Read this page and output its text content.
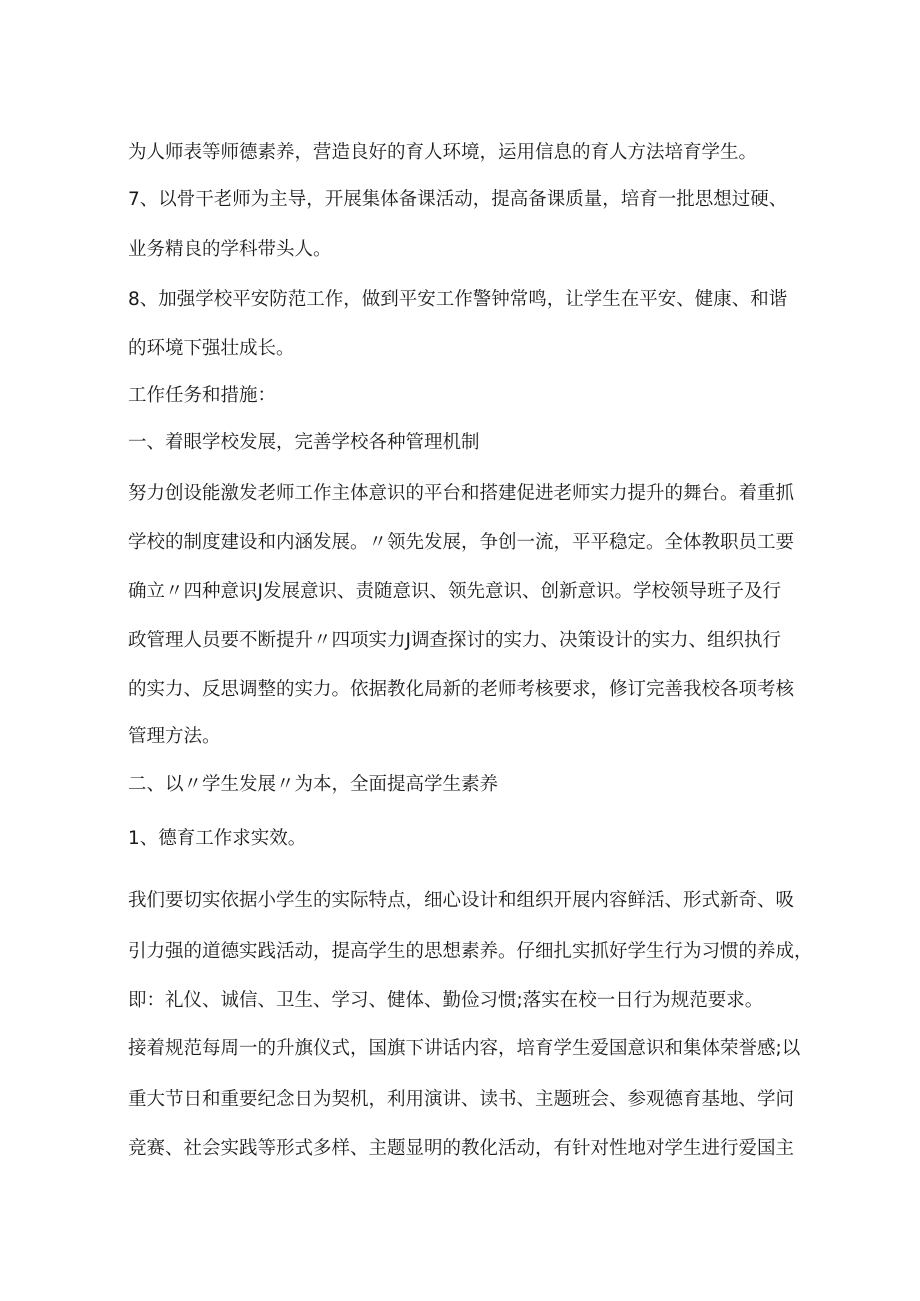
为人师表等师德素养，营造良好的育人环境，运用信息的育人方法培育学生。
7、以骨干老师为主导，开展集体备课活动，提高备课质量，培育一批思想过硬、
业务精良的学科带头人。
8、加强学校平安防范工作，做到平安工作警钟常鸣，让学生在平安、健康、和谐
的环境下强壮成长。
工作任务和措施：
一、着眼学校发展，完善学校各种管理机制
努力创设能激发老师工作主体意识的平台和搭建促进老师实力提升的舞台。着重抓
学校的制度建设和内涵发展。〃领先发展，争创一流，平平稳定。全体教职员工要
确立〃四种意识J发展意识、责随意识、领先意识、创新意识。学校领导班子及行
政管理人员要不断提升〃四项实力J调查探讨的实力、决策设计的实力、组织执行
的实力、反思调整的实力。依据教化局新的老师考核要求，修订完善我校各项考核
管理方法。
二、以〃学生发展〃为本，全面提高学生素养
1、德育工作求实效。
我们要切实依据小学生的实际特点，细心设计和组织开展内容鲜活、形式新奇、吸
引力强的道德实践活动，提高学生的思想素养。仔细扎实抓好学生行为习惯的养成，
即：礼仪、诚信、卫生、学习、健体、勤俭习惯;落实在校一日行为规范要求。
接着规范每周一的升旗仪式，国旗下讲话内容，培育学生爱国意识和集体荣誉感;以
重大节日和重要纪念日为契机，利用演讲、读书、主题班会、参观德育基地、学问
竞赛、社会实践等形式多样、主题显明的教化活动，有针对性地对学生进行爱国主
